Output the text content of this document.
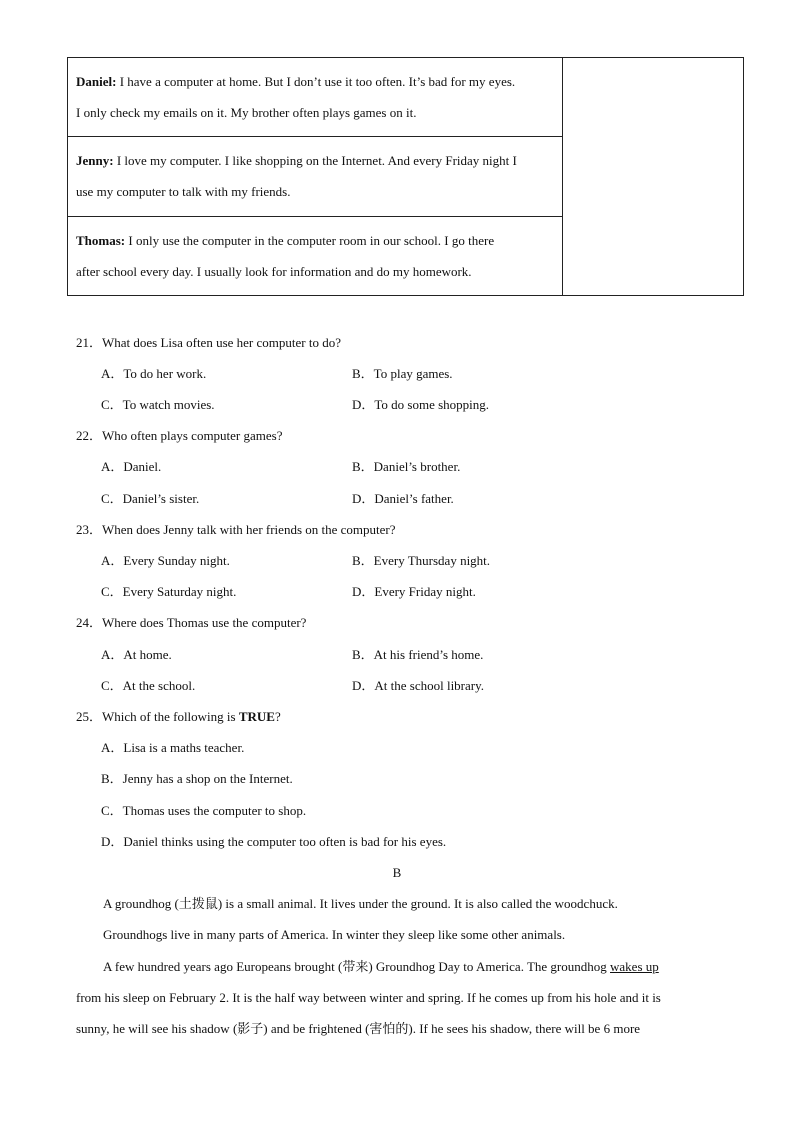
Daniel: I have a computer at home. But I don’t use it too often. It’s bad for my eyes.
I only check my emails on it. My brother often plays games on it.	
Jenny: I love my computer. I like shopping on the Internet. And every Friday night I
use my computer to talk with my friends.
Thomas: I only use the computer in the computer room in our school. I go there
after school every day. I usually look for information and do my homework.
21．What does Lisa often use her computer to do?
A．To do her work.	B．To play games.
C．To watch movies.	D．To do some shopping.
22．Who often plays computer games?
A．Daniel.	B．Daniel’s brother.
C．Daniel’s sister.	D．Daniel’s father.
23．When does Jenny talk with her friends on the computer?
A．Every Sunday night.	B．Every Thursday night.
C．Every Saturday night.	D．Every Friday night.
24．Where does Thomas use the computer?
A．At home.	B．At his friend’s home.
C．At the school.	D．At the school library.
25．Which of the following is TRUE?
A．Lisa is a maths teacher.
B．Jenny has a shop on the Internet.
C．Thomas uses the computer to shop.
D．Daniel thinks using the computer too often is bad for his eyes.
B
A groundhog (土拨鼠) is a small animal. It lives under the ground. It is also called the woodchuck.
Groundhogs live in many parts of America. In winter they sleep like some other animals.
A few hundred years ago Europeans brought (带来) Groundhog Day to America. The groundhog wakes up
from his sleep on February 2. It is the half way between winter and spring. If he comes up from his hole and it is
sunny, he will see his shadow (影子) and be frightened (害怕的). If he sees his shadow, there will be 6 more
